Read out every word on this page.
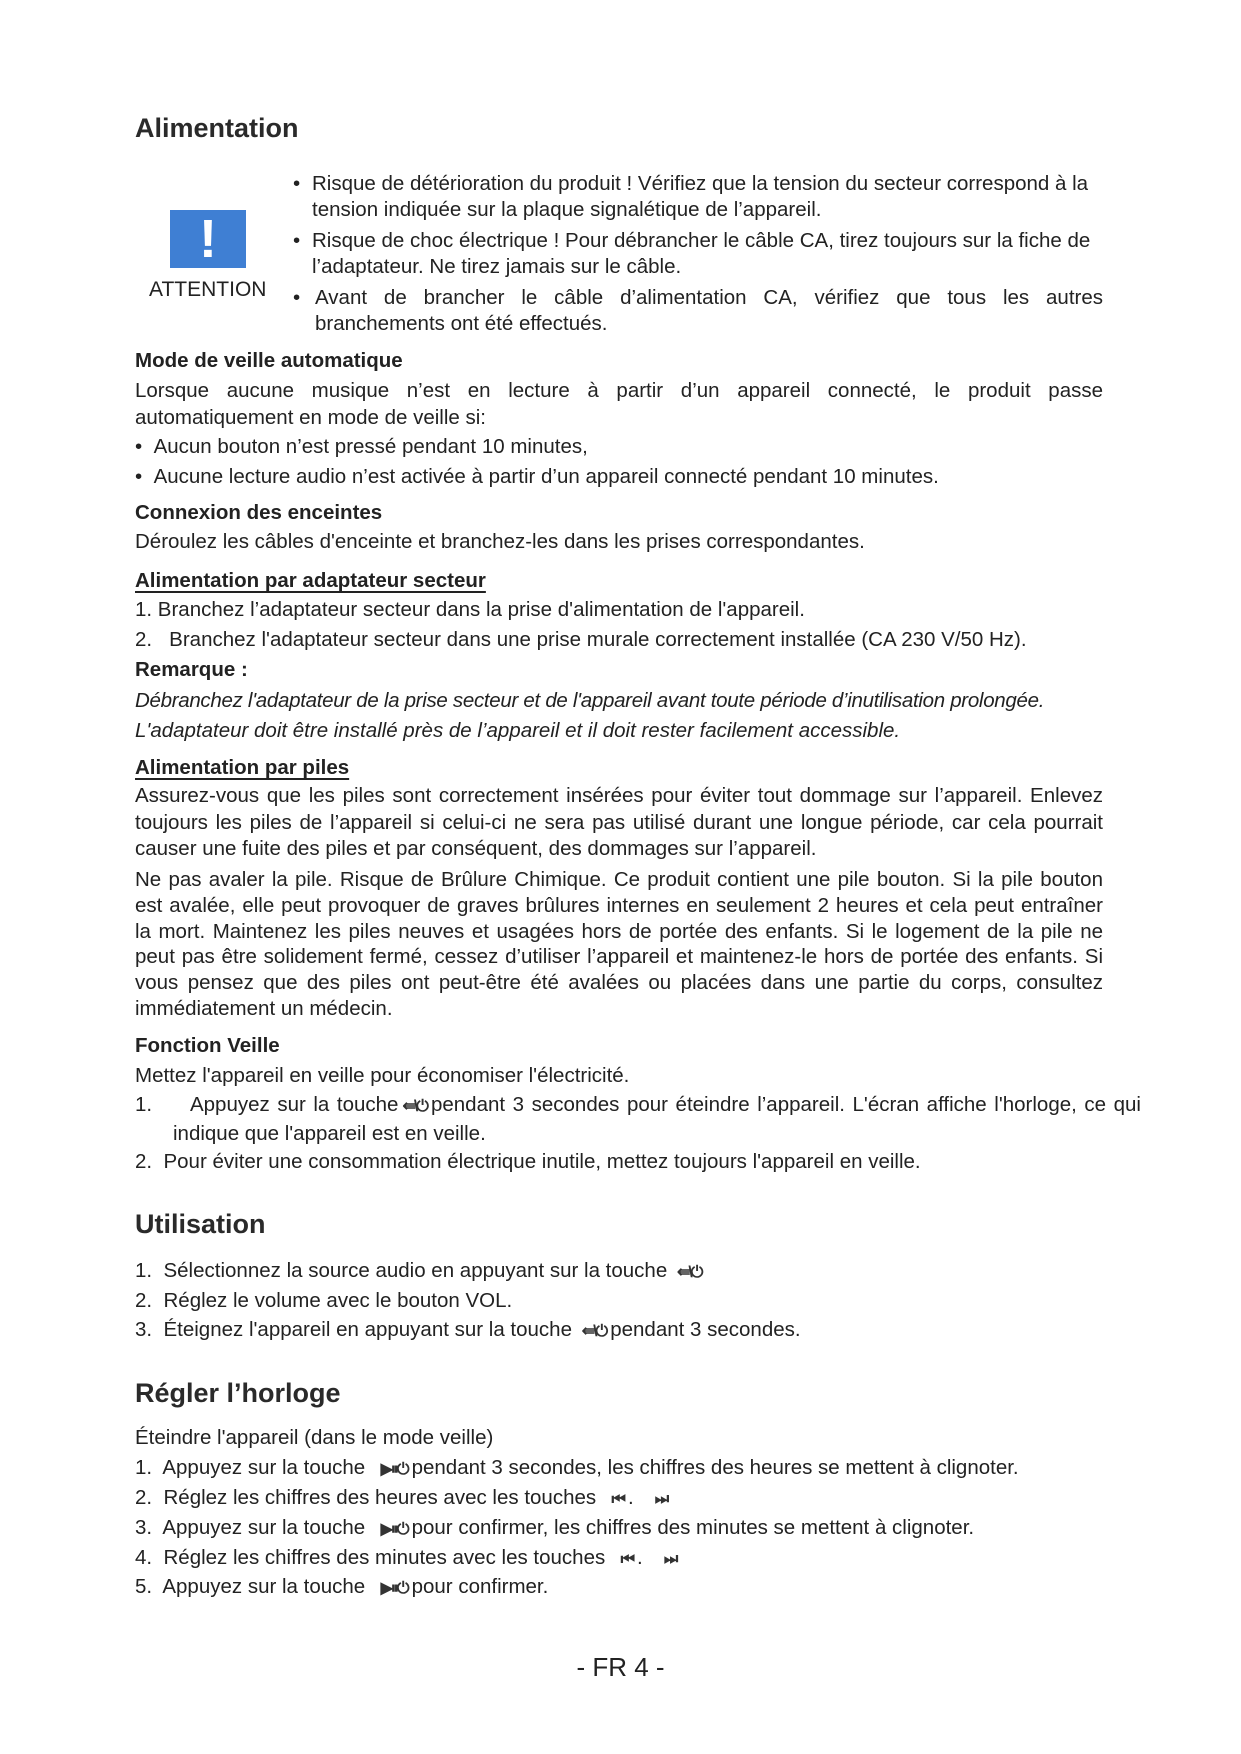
Alimentation
!
ATTENTION
• Risque de détérioration du produit ! Vérifiez que la tension du secteur correspond à la tension indiquée sur la plaque signalétique de l’appareil.
• Risque de choc électrique ! Pour débrancher le câble CA, tirez toujours sur la fiche de l’adaptateur. Ne tirez jamais sur le câble.
• Avant de brancher le câble d’alimentation CA, vérifiez que tous les autres branchements ont été effectués.
Mode de veille automatique
Lorsque aucune musique n’est en lecture à partir d’un appareil connecté, le produit passe automatiquement en mode de veille si:
•  Aucun bouton n’est pressé pendant 10 minutes,
•  Aucune lecture audio n’est activée à partir d’un appareil connecté pendant 10 minutes.
Connexion des enceintes
Déroulez les câbles d'enceinte et branchez-les dans les prises correspondantes.
Alimentation par adaptateur secteur
1. Branchez l’adaptateur secteur dans la prise d'alimentation de l'appareil.
2.   Branchez l'adaptateur secteur dans une prise murale correctement installée (CA 230 V/50 Hz).
Remarque :
Débranchez l'adaptateur de la prise secteur et de l'appareil avant toute période d’inutilisation prolongée.
L'adaptateur doit être installé près de l’appareil et il doit rester facilement accessible.
Alimentation par piles
Assurez-vous que les piles sont correctement insérées pour éviter tout dommage sur l’appareil. Enlevez toujours les piles de l’appareil si celui-ci ne sera pas utilisé durant une longue période, car cela pourrait causer une fuite des piles et par conséquent, des dommages sur l’appareil.
Ne pas avaler la pile. Risque de Brûlure Chimique. Ce produit contient une pile bouton. Si la pile bouton est avalée, elle peut provoquer de graves brûlures internes en seulement 2 heures et cela peut entraîner la mort. Maintenez les piles neuves et usagées hors de portée des enfants. Si le logement de la pile ne peut pas être solidement fermé, cessez d’utiliser l’appareil et maintenez-le hors de portée des enfants. Si vous pensez que des piles ont peut-être été avalées ou placées dans une partie du corps, consultez immédiatement un médecin.
Fonction Veille
Mettez l'appareil en veille pour économiser l'électricité.
1. Appuyez sur la touche ⇚\⏻ pendant 3 secondes pour éteindre l’appareil. L'écran affiche l'horloge, ce qui indique que l'appareil est en veille.
2.  Pour éviter une consommation électrique inutile, mettez toujours l'appareil en veille.
Utilisation
1.  Sélectionnez la source audio en appuyant sur la touche ⇚\⏻
2.  Réglez le volume avec le bouton VOL.
3.  Éteignez l'appareil en appuyant sur la touche ⇚\⏻ pendant 3 secondes.
Régler l’horloge
Éteindre l'appareil (dans le mode veille)
1.  Appuyez sur la touche ▶⏸⏻ pendant 3 secondes, les chiffres des heures se mettent à clignoter.
2.  Réglez les chiffres des heures avec les touches ⏮ . ⏭
3.  Appuyez sur la touche ▶⏸⏻ pour confirmer, les chiffres des minutes se mettent à clignoter.
4.  Réglez les chiffres des minutes avec les touches ⏮ . ⏭
5.  Appuyez sur la touche ▶⏸⏻ pour confirmer.
- FR 4 -
